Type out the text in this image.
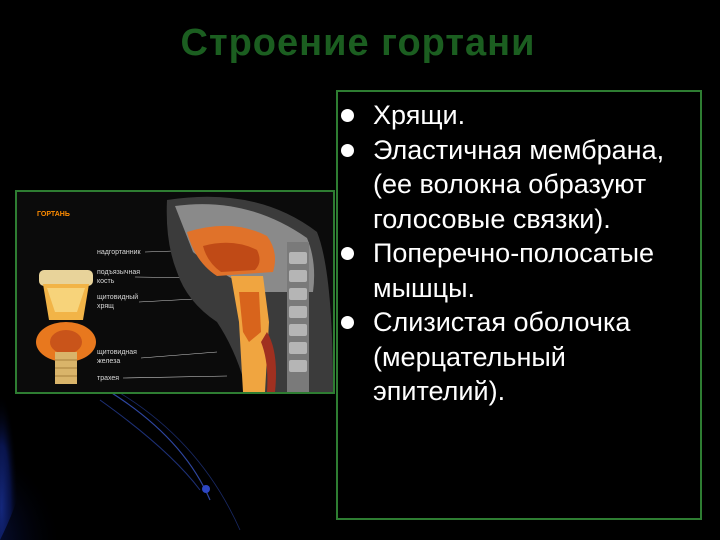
Строение гортани
ГОРТАНЬ
надгортанник
подъязычная
кость
щитовидный
хрящ
щитовидная
железа
трахея
Хрящи.
Эластичная мембрана, (ее волокна образуют голосовые связки).
Поперечно-полосатые мышцы.
Слизистая оболочка (мерцательный эпителий).
